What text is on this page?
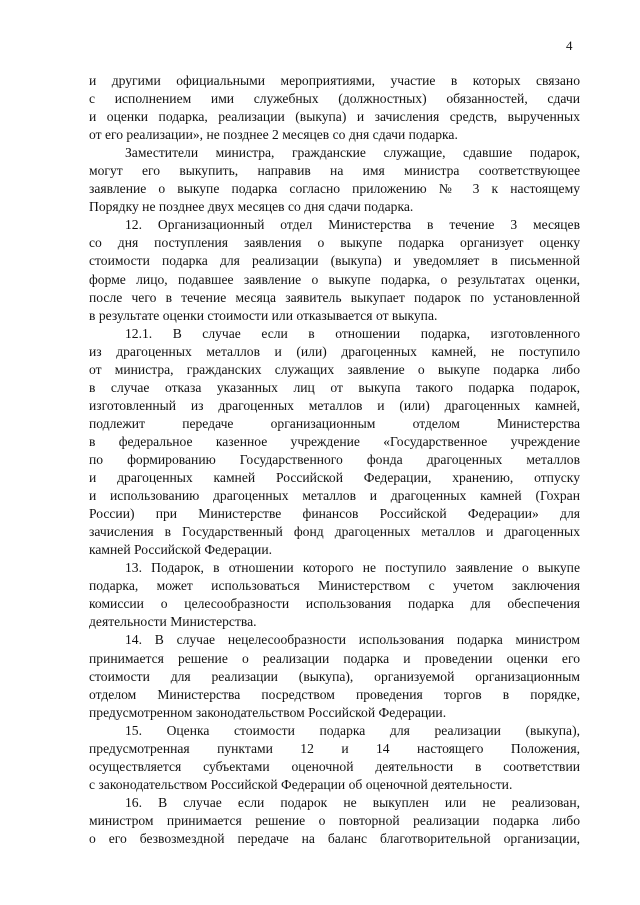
4
и другими официальными мероприятиями, участие в которых связано
с исполнением ими служебных (должностных) обязанностей, сдачи
и оценки подарка, реализации (выкупа) и зачисления средств, вырученных
от его реализации», не позднее 2 месяцев со дня сдачи подарка.
Заместители министра, гражданские служащие, сдавшие подарок,
могут его выкупить, направив на имя министра соответствующее
заявление о выкупе подарка согласно приложению № 3 к настоящему
Порядку не позднее двух месяцев со дня сдачи подарка.
12. Организационный отдел Министерства в течение 3 месяцев
со дня поступления заявления о выкупе подарка организует оценку
стоимости подарка для реализации (выкупа) и уведомляет в письменной
форме лицо, подавшее заявление о выкупе подарка, о результатах оценки,
после чего в течение месяца заявитель выкупает подарок по установленной
в результате оценки стоимости или отказывается от выкупа.
12.1. В случае если в отношении подарка, изготовленного
из драгоценных металлов и (или) драгоценных камней, не поступило
от министра, гражданских служащих заявление о выкупе подарка либо
в случае отказа указанных лиц от выкупа такого подарка подарок,
изготовленный из драгоценных металлов и (или) драгоценных камней,
подлежит передаче организационным отделом Министерства
в федеральное казенное учреждение «Государственное учреждение
по формированию Государственного фонда драгоценных металлов
и драгоценных камней Российской Федерации, хранению, отпуску
и использованию драгоценных металлов и драгоценных камней (Гохран
России) при Министерстве финансов Российской Федерации» для
зачисления в Государственный фонд драгоценных металлов и драгоценных
камней Российской Федерации.
13. Подарок, в отношении которого не поступило заявление о выкупе
подарка, может использоваться Министерством с учетом заключения
комиссии о целесообразности использования подарка для обеспечения
деятельности Министерства.
14. В случае нецелесообразности использования подарка министром
принимается решение о реализации подарка и проведении оценки его
стоимости для реализации (выкупа), организуемой организационным
отделом Министерства посредством проведения торгов в порядке,
предусмотренном законодательством Российской Федерации.
15. Оценка стоимости подарка для реализации (выкупа),
предусмотренная пунктами 12 и 14 настоящего Положения,
осуществляется субъектами оценочной деятельности в соответствии
с законодательством Российской Федерации об оценочной деятельности.
16. В случае если подарок не выкуплен или не реализован,
министром принимается решение о повторной реализации подарка либо
о его безвозмездной передаче на баланс благотворительной организации,
